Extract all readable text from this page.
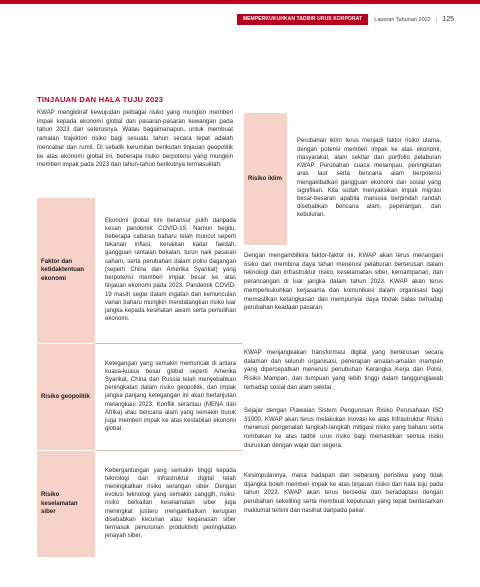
MEMPERKUKUHKAN TADBIR URUS KORPORAT	Laporan Tahunan 2022 | 125
TINJAUAN DAN HALA TUJU 2023

KWAP mengiktiraf kewujudan pelbagai risiko yang mungkin memberi impak kepada ekonomi global dan pasaran-pasaran kewangan pada tahun 2023 dan seterusnya. Walau bagaimanapun, untuk membuat ramalan trajektori risiko bagi sesuatu tahun secara tepat adalah mencabar dan rumit. Di sebalik kerumitan berikutan tinjauan geopolitik ke atas ekonomi global ini, beberapa risiko berpotensi yang mungkin memberi impak pada 2023 dan tahun-tahun berikutnya termasuklah:

Faktor dan ketidaktentuan ekonomi	Ekonomi global kini beransur pulih daripada kesan pandemik COVID-19. Namun begitu, beberapa cabaran baharu telah muncul seperti tekanan inflasi, kenaikan kadar faedah, gangguan rantaian bekalan, turun naik pasaran saham, serta perubahan dalam polisi dagangan (seperti China dan Amerika Syarikat) yang berpotensi memberi impak besar ke atas tinjauan ekonomi pada 2023. Pandemik COVID-19 masih segar dalam ingatan dan kemunculan varian baharu mungkin mendatangkan risiko luar jangka kepada kesihatan awam serta pemulihan ekonomi.
Risiko geopolitik	Ketegangan yang semakin memuncak di antara kuasa-kuasa besar global seperti Amerika Syarikat, China dan Russia telah menyebabkan peningkatan dalam risiko geopolitik, dan impak jangka panjang ketegangan ini akan berlanjutan melangkaui 2023. Konflik serantau (MENA dan Afrika) atau bencana alam yang semakin buruk juga memberi impak ke atas kestabilan ekonomi global.
Risiko keselamatan siber	Kebergantungan yang semakin tinggi kepada teknologi dan infrastruktur digital telah meningkatkan risiko serangan siber. Dengan evolusi teknologi yang semakin canggih, risiko-risiko berkaitan keselamatan siber juga meningkat justeru mengakibatkan kerugian disebabkan kecurian atau keganasan siber termasuk penurunan produktiviti peningkatan jenayah siber.
Risiko iklim	Perubahan iklim terus menjadi faktor risiko utama, dengan potensi memberi impak ke atas ekonomi, masyarakat, alam sekitar dan portfolio pelaburan KWAP. Perubahan cuaca melampau, peningkatan aras laut serta bencana alam berpotensi mengakibatkan gangguan ekonomi dan sosial yang signifikan. Kita sudah menyaksikan impak migrasi besar-besaran apabila manusia berpindah randah disebabkan bencana alam, peperangan, dan kebuluran.

Dengan mengambilkira faktor-faktor ini, KWAP akan terus menangani risiko dan membina daya tahan menerusi pelaburan berterusan dalam teknologi dan infrastruktur risiko, keselamatan siber, kemampanan, dan perancangan di luar jangka dalam tahun 2023. KWAP akan terus memperkukuhkan kerjasama dan komunikasi dalam organisasi bagi memastikan ketangkasan dan mempunyai daya tindak balas terhadap perubahan keadaan pasaran.

KWAP menjangkakan transformasi digital yang berterusan secara dalaman dan seluruh organisasi, penerapan amalan-amalan mampan yang dipercepatkan menerusi penubuhan Kerangka Kerja dan Polisi, Risiko Mampan, dan tumpuan yang lebih tinggi dalam tanggungjawab terhadap sosial dan alam sekitar.

Sejajar dengan Piawaian Sistem Pengurusan Risiko Perusahaan ISO 31000, KWAP akan terus melakukan inovasi ke atas Infrastruktur Risiko menerusi pengenalan langkah-langkah mitigasi risiko yang baharu serta rombakan ke atas tadbir urus risiko bagi memastikan semua risiko diuruskan dengan wajar dan segera.

Kesimpulannya, masa hadapan dan sebarang peristiwa yang tidak dijangka boleh memberi impak ke atas tinjauan risiko dan hala tuju pada tahun 2023. KWAP akan terus bersedia dan beradaptasi dengan perubahan sekeliling serta membuat keputusan yang tepat berdasarkan maklumat terkini dan nasihat daripada pakar.
